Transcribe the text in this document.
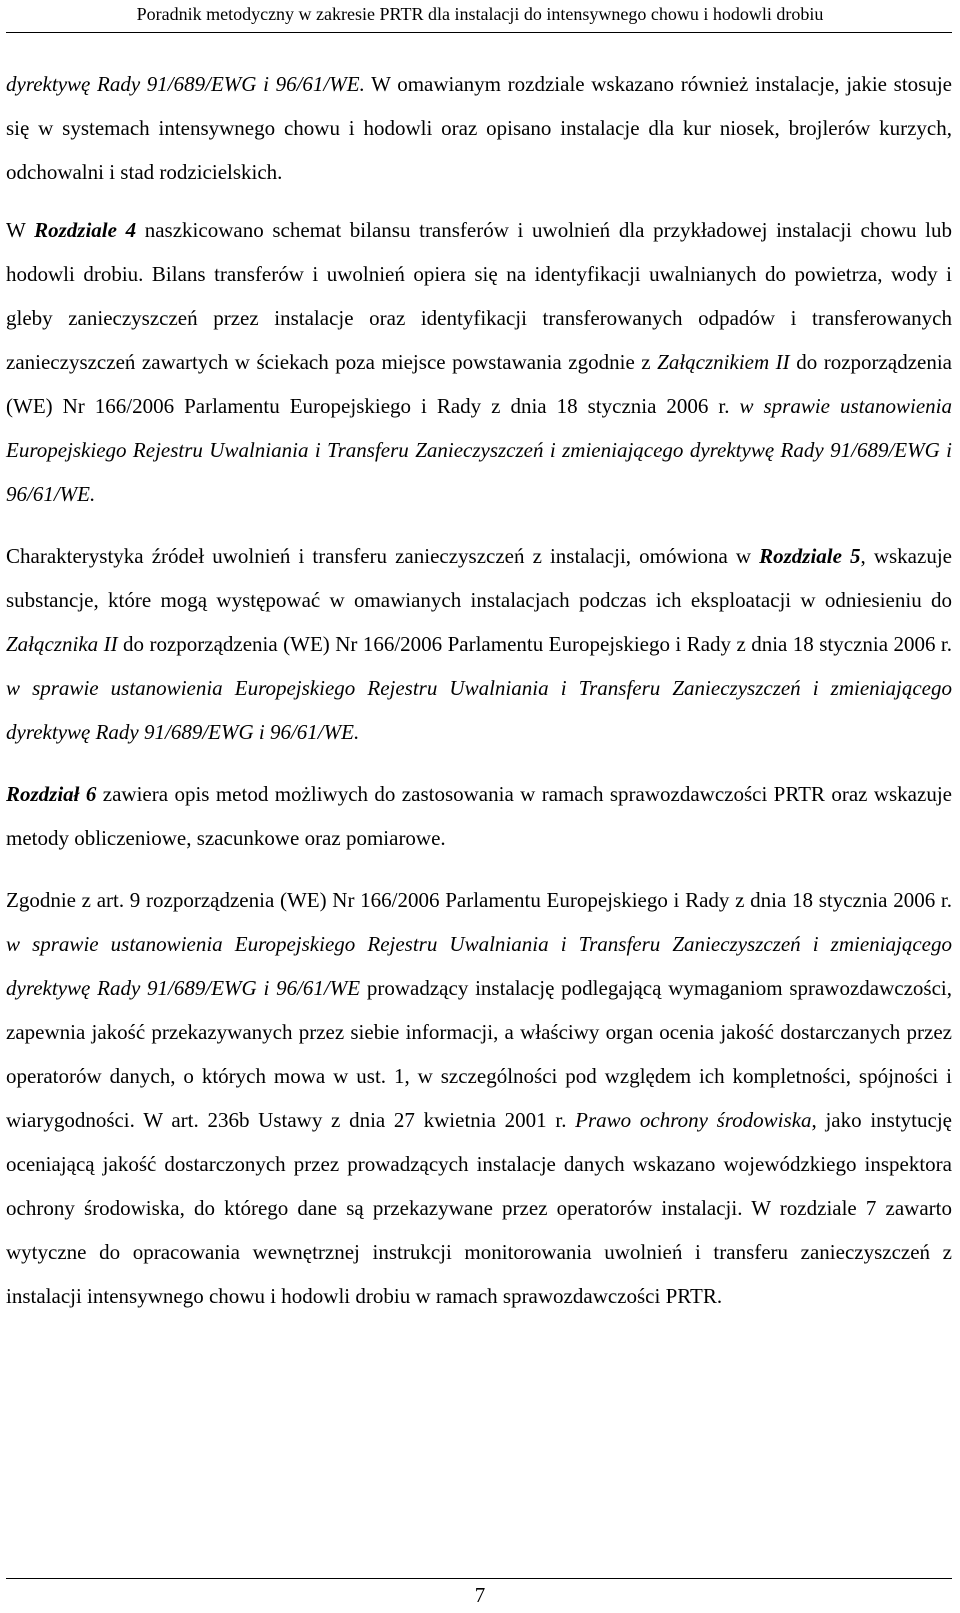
Poradnik metodyczny w zakresie PRTR dla instalacji do intensywnego chowu i hodowli drobiu

dyrektywę Rady 91/689/EWG i 96/61/WE. W omawianym rozdziale wskazano również instalacje, jakie stosuje się w systemach intensywnego chowu i hodowli oraz opisano instalacje dla kur niosek, brojlerów kurzych, odchowalni i stad rodzicielskich.

W Rozdziale 4 naszkicowano schemat bilansu transferów i uwolnień dla przykładowej instalacji chowu lub hodowli drobiu. Bilans transferów i uwolnień opiera się na identyfikacji uwalnianych do powietrza, wody i gleby zanieczyszczeń przez instalacje oraz identyfikacji transferowanych odpadów i transferowanych zanieczyszczeń zawartych w ściekach poza miejsce powstawania zgodnie z Załącznikiem II do rozporządzenia (WE) Nr 166/2006 Parlamentu Europejskiego i Rady z dnia 18 stycznia 2006 r. w sprawie ustanowienia Europejskiego Rejestru Uwalniania i Transferu Zanieczyszczeń i zmieniającego dyrektywę Rady 91/689/EWG i 96/61/WE.

Charakterystyka źródeł uwolnień i transferu zanieczyszczeń z instalacji, omówiona w Rozdziale 5, wskazuje substancje, które mogą występować w omawianych instalacjach podczas ich eksploatacji w odniesieniu do Załącznika II do rozporządzenia (WE) Nr 166/2006 Parlamentu Europejskiego i Rady z dnia 18 stycznia 2006 r. w sprawie ustanowienia Europejskiego Rejestru Uwalniania i Transferu Zanieczyszczeń i zmieniającego dyrektywę Rady 91/689/EWG i 96/61/WE.

Rozdział 6 zawiera opis metod możliwych do zastosowania w ramach sprawozdawczości PRTR oraz wskazuje metody obliczeniowe, szacunkowe oraz pomiarowe.

Zgodnie z art. 9 rozporządzenia (WE) Nr 166/2006 Parlamentu Europejskiego i Rady z dnia 18 stycznia 2006 r. w sprawie ustanowienia Europejskiego Rejestru Uwalniania i Transferu Zanieczyszczeń i zmieniającego dyrektywę Rady 91/689/EWG i 96/61/WE prowadzący instalację podlegającą wymaganiom sprawozdawczości, zapewnia jakość przekazywanych przez siebie informacji, a właściwy organ ocenia jakość dostarczanych przez operatorów danych, o których mowa w ust. 1, w szczególności pod względem ich kompletności, spójności i wiarygodności. W art. 236b Ustawy z dnia 27 kwietnia 2001 r. Prawo ochrony środowiska, jako instytucję oceniającą jakość dostarczonych przez prowadzących instalacje danych wskazano wojewódzkiego inspektora ochrony środowiska, do którego dane są przekazywane przez operatorów instalacji. W rozdziale 7 zawarto wytyczne do opracowania wewnętrznej instrukcji monitorowania uwolnień i transferu zanieczyszczeń z instalacji intensywnego chowu i hodowli drobiu w ramach sprawozdawczości PRTR.

7
